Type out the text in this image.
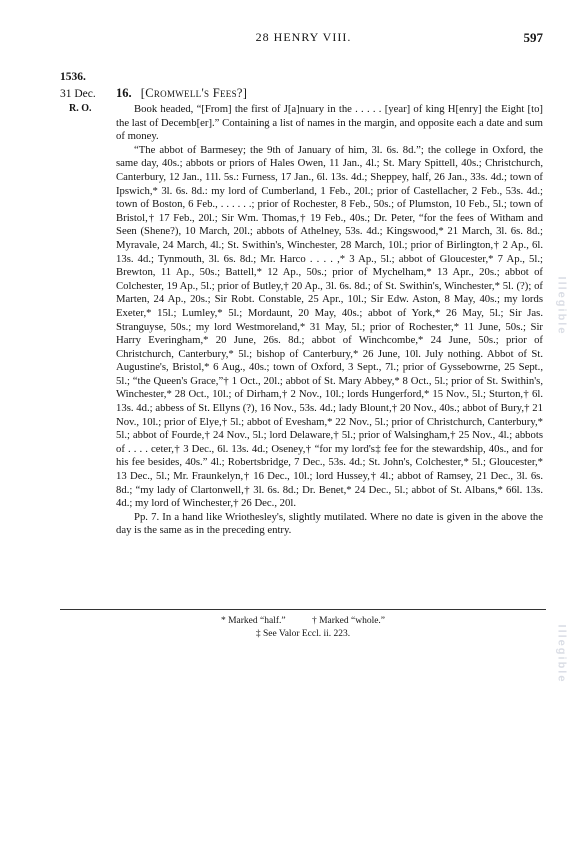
28 HENRY VIII.	597
1536.
31 Dec.
R. O.
16. [Cromwell's Fees?]

Book headed, “[From] the first of J[a]nuary in the . . . . . [year] of king H[enry] the Eight [to] the last of Decemb[er].” Containing a list of names in the margin, and opposite each a date and sum of money.

“The abbot of Barmesey; the 9th of January of him, 3l. 6s. 8d.”; the college in Oxford, the same day, 40s.; abbots or priors of Hales Owen, 11 Jan., 4l.; St. Mary Spittell, 40s.; Christchurch, Canterbury, 12 Jan., 11l. 5s.: Furness, 17 Jan., 6l. 13s. 4d.; Sheppey, half, 26 Jan., 33s. 4d.; town of Ipswich,* 3l. 6s. 8d.: my lord of Cumberland, 1 Feb., 20l.; prior of Castellacher, 2 Feb., 53s. 4d.; town of Boston, 6 Feb., . . . . . .; prior of Rochester, 8 Feb., 50s.; of Plumston, 10 Feb., 5l.; town of Bristol,† 17 Feb., 20l.; Sir Wm. Thomas,† 19 Feb., 40s.; Dr. Peter, “for the fees of Witham and Seen (Shene?), 10 March, 20l.; abbots of Athelney, 53s. 4d.; Kingswood,* 21 March, 3l. 6s. 8d.; Myravale, 24 March, 4l.; St. Swithin's, Winchester, 28 March, 10l.; prior of Birlington,† 2 Ap., 6l. 13s. 4d.; Tynmouth, 3l. 6s. 8d.; Mr. Harco . . . . ,* 3 Ap., 5l.; abbot of Gloucester,* 7 Ap., 5l.; Brewton, 11 Ap., 50s.; Battell,* 12 Ap., 50s.; prior of Mychelham,* 13 Apr., 20s.; abbot of Colchester, 19 Ap., 5l.; prior of Butley,† 20 Ap., 3l. 6s. 8d.; of St. Swithin's, Winchester,* 5l. (?); of Marten, 24 Ap., 20s.; Sir Robt. Constable, 25 Apr., 10l.; Sir Edw. Aston, 8 May, 40s.; my lords Exeter,* 15l.; Lumley,* 5l.; Mordaunt, 20 May, 40s.; abbot of York,* 26 May, 5l.; Sir Jas. Stranguyse, 50s.; my lord Westmoreland,* 31 May, 5l.; prior of Rochester,* 11 June, 50s.; Sir Harry Everingham,* 20 June, 26s. 8d.; abbot of Winchcombe,* 24 June, 50s.; prior of Christchurch, Canterbury,* 5l.; bishop of Canterbury,* 26 June, 10l. July nothing. Abbot of St. Augustine's, Bristol,* 6 Aug., 40s.; town of Oxford, 3 Sept., 7l.; prior of Gyssebowrne, 25 Sept., 5l.; “the Queen's Grace,”† 1 Oct., 20l.; abbot of St. Mary Abbey,* 8 Oct., 5l.; prior of St. Swithin's, Winchester,* 28 Oct., 10l.; of Dirham,† 2 Nov., 10l.; lords Hungerford,* 15 Nov., 5l.; Sturton,† 6l. 13s. 4d.; abbess of St. Ellyns (?), 16 Nov., 53s. 4d.; lady Blount,† 20 Nov., 40s.; abbot of Bury,† 21 Nov., 10l.; prior of Elye,† 5l.; abbot of Evesham,* 22 Nov., 5l.; prior of Christchurch, Canterbury,* 5l.; abbot of Fourde,† 24 Nov., 5l.; lord Delaware,† 5l.; prior of Walsingham,† 25 Nov., 4l.; abbots of . . . . ceter,† 3 Dec., 6l. 13s. 4d.; Oseney,† “for my lord's‡ fee for the stewardship, 40s., and for his fee besides, 40s.” 4l.; Robertsbridge, 7 Dec., 53s. 4d.; St. John's, Colchester,* 5l.; Gloucester,* 13 Dec., 5l.; Mr. Fraunkelyn,† 16 Dec., 10l.; lord Hussey,† 4l.; abbot of Ramsey, 21 Dec., 3l. 6s. 8d.; “my lady of Clartonwell,† 3l. 6s. 8d.; Dr. Benet,* 24 Dec., 5l.; abbot of St. Albans,* 66l. 13s. 4d.; my lord of Winchester,† 26 Dec., 20l.

Pp. 7. In a hand like Wriothesley's, slightly mutilated. Where no date is given in the above the day is the same as in the preceding entry.

* Marked “half.”	† Marked “whole.”
‡ See Valor Eccl. ii. 223.
Illegible
Illegible
